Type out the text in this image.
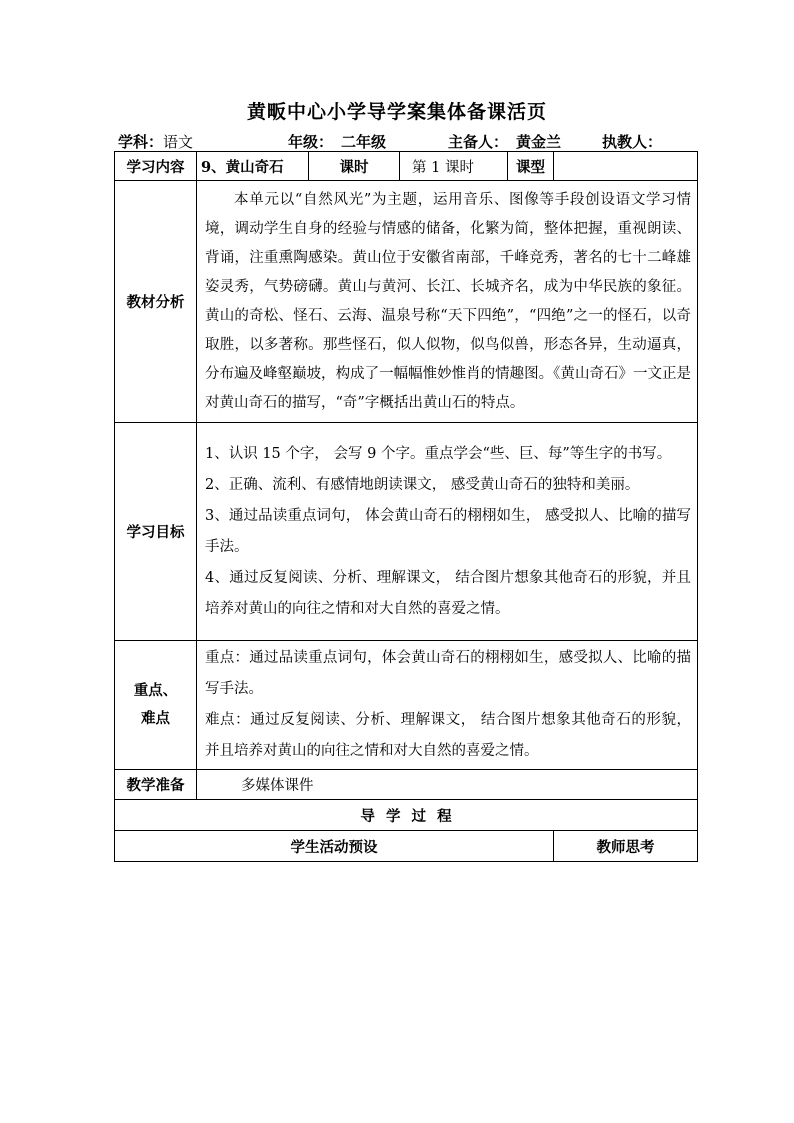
黄畈中心小学导学案集体备课活页
学科：语文	年级： 二年级	主备人： 黄金兰	执教人：
学习内容	9、黄山奇石	课时	第 1 课时	课型	
教材分析	本单元以“自然风光”为主题，运用音乐、图像等手段创设语文学习情境，调动学生自身的经验与情感的储备，化繁为简，整体把握，重视朗读、背诵，注重熏陶感染。黄山位于安徽省南部，千峰竞秀，著名的七十二峰雄姿灵秀，气势磅礴。黄山与黄河、长江、长城齐名，成为中华民族的象征。黄山的奇松、怪石、云海、温泉号称“天下四绝”，“四绝”之一的怪石，以奇取胜，以多著称。那些怪石，似人似物，似鸟似兽，形态各异，生动逼真，分布遍及峰壑巅坡，构成了一幅幅惟妙惟肖的情趣图。《黄山奇石》一文正是对黄山奇石的描写，“奇”字概括出黄山石的特点。				

学习目标	1、认识 15 个字， 会写 9 个字。重点学会“些、巨、每”等生字的书写。

2、正确、流利、有感情地朗读课文， 感受黄山奇石的独特和美丽。

3、通过品读重点词句， 体会黄山奇石的栩栩如生， 感受拟人、比喻的描写手法。

4、通过反复阅读、分析、理解课文， 结合图片想象其他奇石的形貌，并且培养对黄山的向往之情和对大自然的喜爱之情。				

重点、难点	重点：通过品读重点词句，体会黄山奇石的栩栩如生，感受拟人、比喻的描写手法。

难点：通过反复阅读、分析、理解课文， 结合图片想象其他奇石的形貌， 并且培养对黄山的向往之情和对大自然的喜爱之情。				

教学准备	多媒体课件				
导 学 过 程					
学生活动预设					教师思考
